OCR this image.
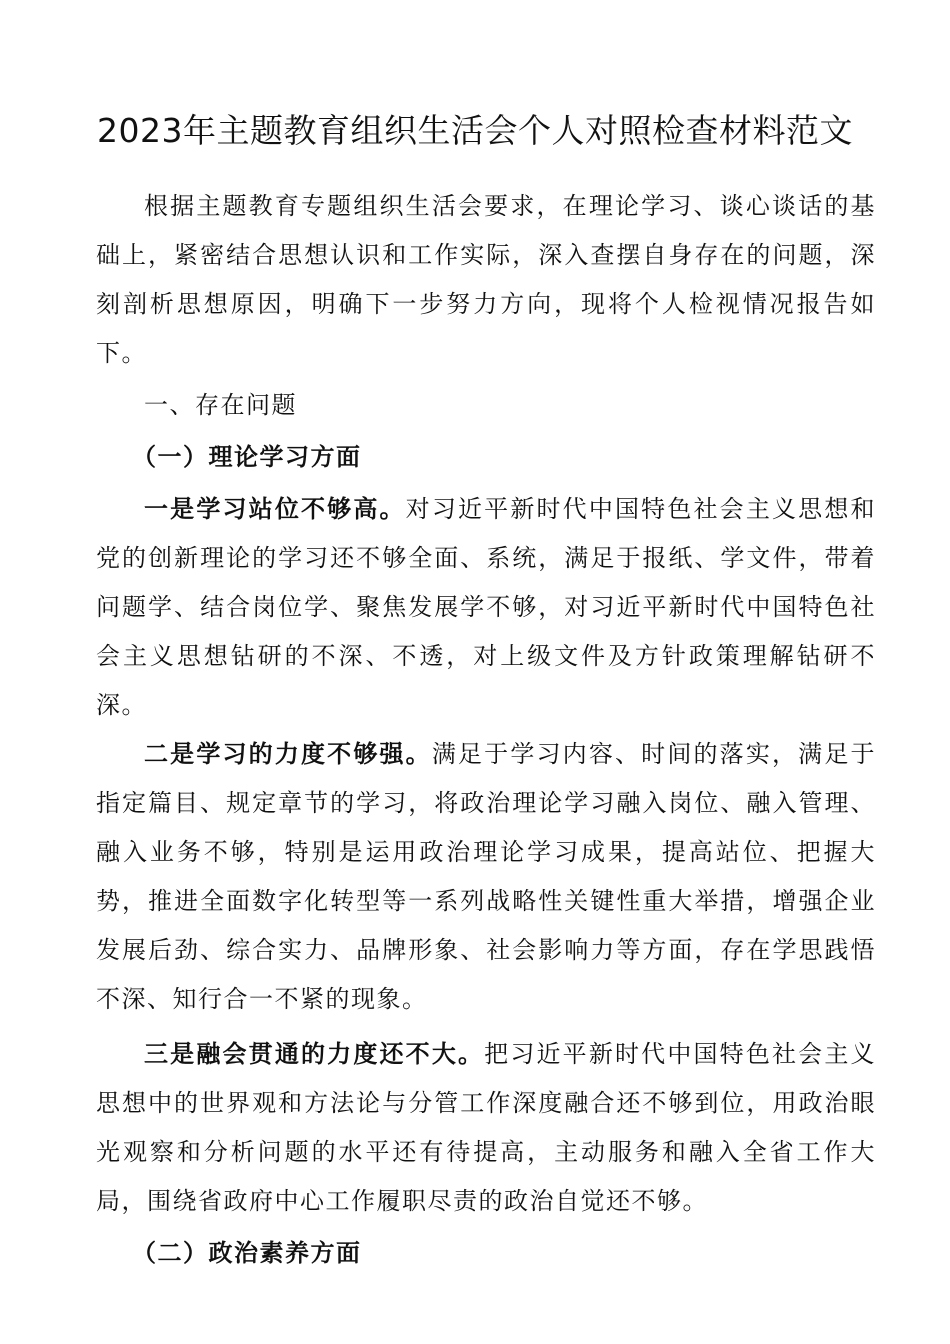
2023年主题教育组织生活会个人对照检查材料范文

根据主题教育专题组织生活会要求，在理论学习、谈心谈话的基础上，紧密结合思想认识和工作实际，深入查摆自身存在的问题，深刻剖析思想原因，明确下一步努力方向，现将个人检视情况报告如下。

一、存在问题
（一）理论学习方面

一是学习站位不够高。对习近平新时代中国特色社会主义思想和党的创新理论的学习还不够全面、系统，满足于报纸、学文件，带着问题学、结合岗位学、聚焦发展学不够，对习近平新时代中国特色社会主义思想钻研的不深、不透，对上级文件及方针政策理解钻研不深。

二是学习的力度不够强。满足于学习内容、时间的落实，满足于指定篇目、规定章节的学习，将政治理论学习融入岗位、融入管理、融入业务不够，特别是运用政治理论学习成果，提高站位、把握大势，推进全面数字化转型等一系列战略性关键性重大举措，增强企业发展后劲、综合实力、品牌形象、社会影响力等方面，存在学思践悟不深、知行合一不紧的现象。

三是融会贯通的力度还不大。把习近平新时代中国特色社会主义思想中的世界观和方法论与分管工作深度融合还不够到位，用政治眼光观察和分析问题的水平还有待提高，主动服务和融入全省工作大局，围绕省政府中心工作履职尽责的政治自觉还不够。

（二）政治素养方面
